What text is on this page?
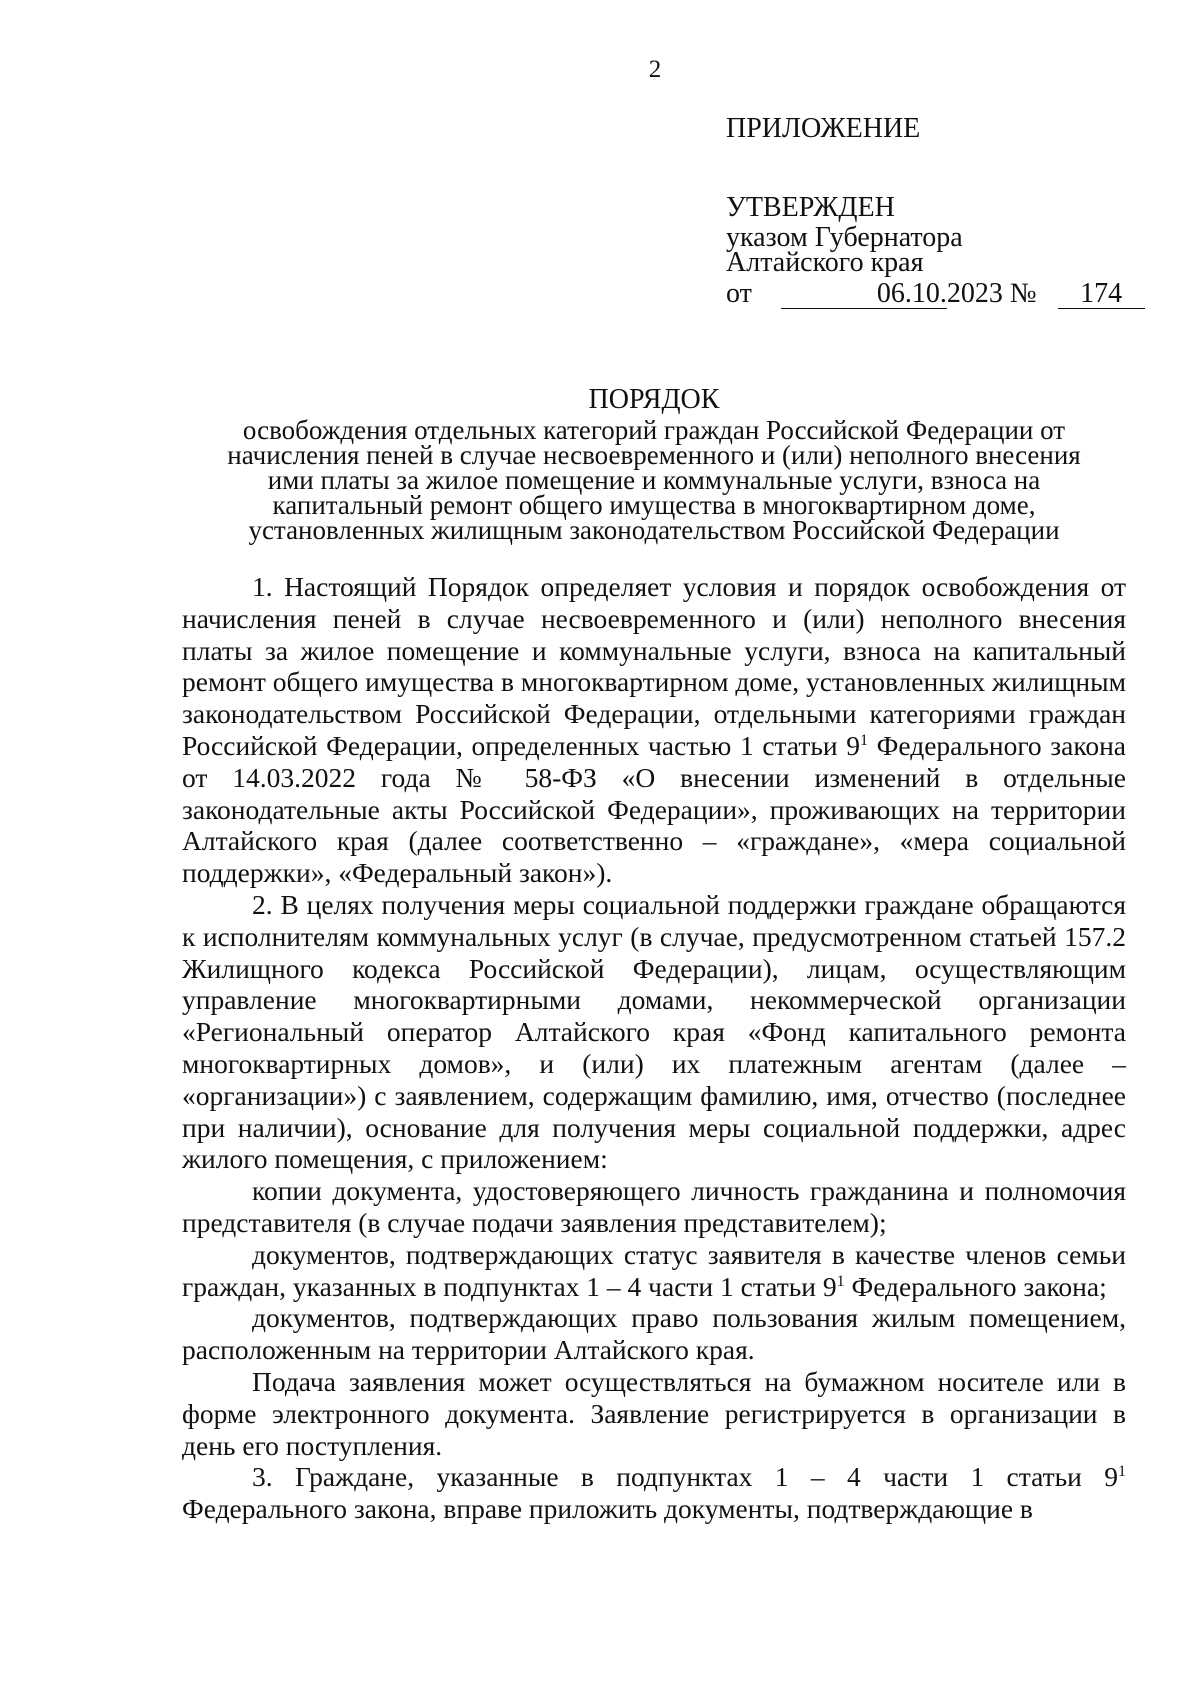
2
ПРИЛОЖЕНИЕ
УТВЕРЖДЕН
указом Губернатора
Алтайского края
от	06.10.2023 № 174
ПОРЯДОК
освобождения отдельных категорий граждан Российской Федерации от
начисления пеней в случае несвоевременного и (или) неполного внесения
ими платы за жилое помещение и коммунальные услуги, взноса на
капитальный ремонт общего имущества в многоквартирном доме,
установленных жилищным законодательством Российской Федерации

1. Настоящий Порядок определяет условия и порядок освобождения от начисления пеней в случае несвоевременного и (или) неполного внесения платы за жилое помещение и коммунальные услуги, взноса на капитальный ремонт общего имущества в многоквартирном доме, установленных жилищным законодательством Российской Федерации, отдельными категориями граждан Российской Федерации, определенных частью 1 статьи $9^1$ Федерального закона от 14.03.2022 года № 58-ФЗ «О внесении изменений в отдельные законодательные акты Российской Федерации», проживающих на территории Алтайского края (далее соответственно – «граждане», «мера социальной поддержки», «Федеральный закон»).

2. В целях получения меры социальной поддержки граждане обращаются к исполнителям коммунальных услуг (в случае, предусмотренном статьей 157.2 Жилищного кодекса Российской Федерации), лицам, осуществляющим управление многоквартирными домами, некоммерческой организации «Региональный оператор Алтайского края «Фонд капитального ремонта многоквартирных домов», и (или) их платежным агентам (далее – «организации») с заявлением, содержащим фамилию, имя, отчество (последнее при наличии), основание для получения меры социальной поддержки, адрес жилого помещения, с приложением:

копии документа, удостоверяющего личность гражданина и полномочия представителя (в случае подачи заявления представителем);

документов, подтверждающих статус заявителя в качестве членов семьи граждан, указанных в подпунктах 1 – 4 части 1 статьи $9^1$ Федерального закона;

документов, подтверждающих право пользования жилым помещением, расположенным на территории Алтайского края.

Подача заявления может осуществляться на бумажном носителе или в форме электронного документа. Заявление регистрируется в организации в день его поступления.

3. Граждане, указанные в подпунктах 1 – 4 части 1 статьи $9^1$ Федерального закона, вправе приложить документы, подтверждающие в
